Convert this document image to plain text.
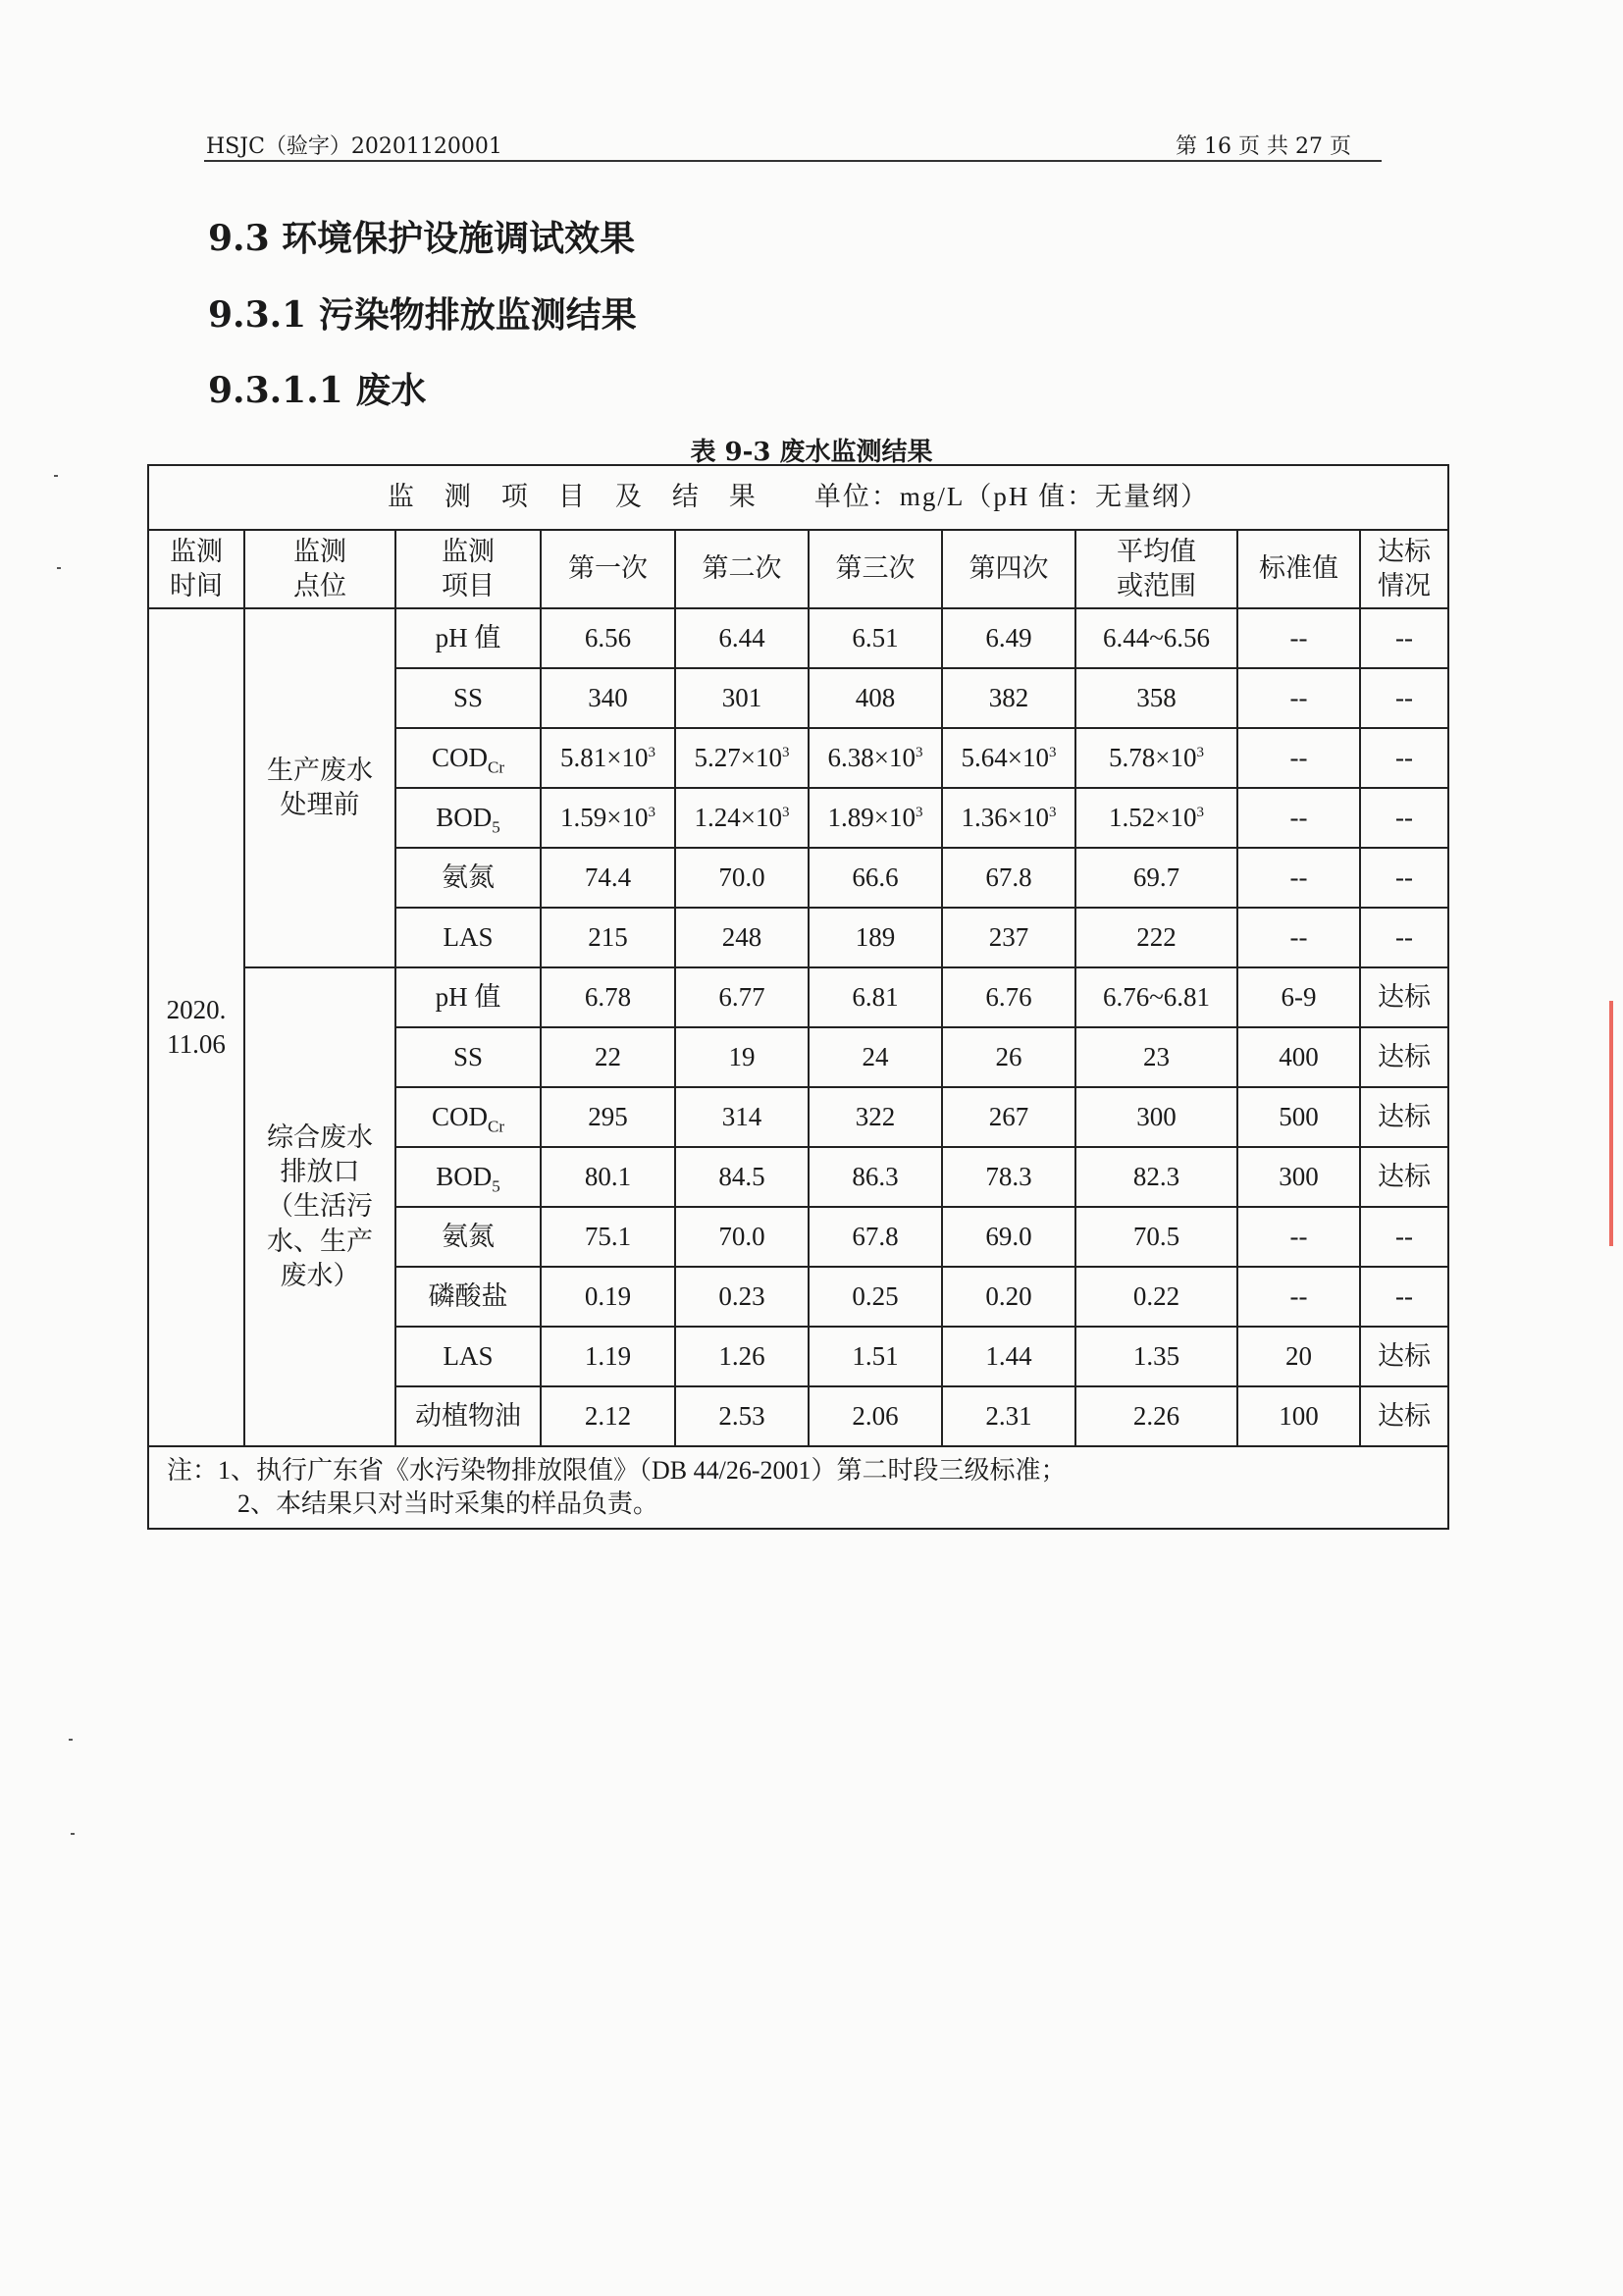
HSJC（验字）20201120001	第 16 页 共 27 页
9.3 环境保护设施调试效果
9.3.1 污染物排放监测结果
9.3.1.1 废水
表 9-3 废水监测结果
监　测　项　目　及　结　果　　单位：mg/L（pH 值：无量纲）									
监测
时间	监测
点位	监测
项目	第一次	第二次	第三次	第四次	平均值
或范围	标准值	达标
情况
2020.
11.06	生产废水
处理前	pH 值	6.56	6.44	6.51	6.49	6.44~6.56	--	--
		SS	340	301	408	382	358	--	--
		$COD_{Cr}$	$5.81\times 10^3$	$5.27\times 10^3$	$6.38\times 10^3$	$5.64\times 10^3$	$5.78\times 10^3$	--	--
		$BOD_5$	$1.59\times 10^3$	$1.24\times 10^3$	$1.89\times 10^3$	$1.36\times 10^3$	$1.52\times 10^3$	--	--
		氨氮	74.4	70.0	66.6	67.8	69.7	--	--
		LAS	215	248	189	237	222	--	--
	综合废水
排放口
（生活污
水、生产
废水）	pH 值	6.78	6.77	6.81	6.76	6.76~6.81	6-9	达标
		SS	22	19	24	26	23	400	达标
		$COD_{Cr}$	295	314	322	267	300	500	达标
		$BOD_5$	80.1	84.5	86.3	78.3	82.3	300	达标
		氨氮	75.1	70.0	67.8	69.0	70.5	--	--
		磷酸盐	0.19	0.23	0.25	0.20	0.22	--	--
		LAS	1.19	1.26	1.51	1.44	1.35	20	达标
		动植物油	2.12	2.53	2.06	2.31	2.26	100	达标

注：1、执行广东省《水污染物排放限值》（DB 44/26-2001）第二时段三级标准；
2、本结果只对当时采集的样品负责。									
